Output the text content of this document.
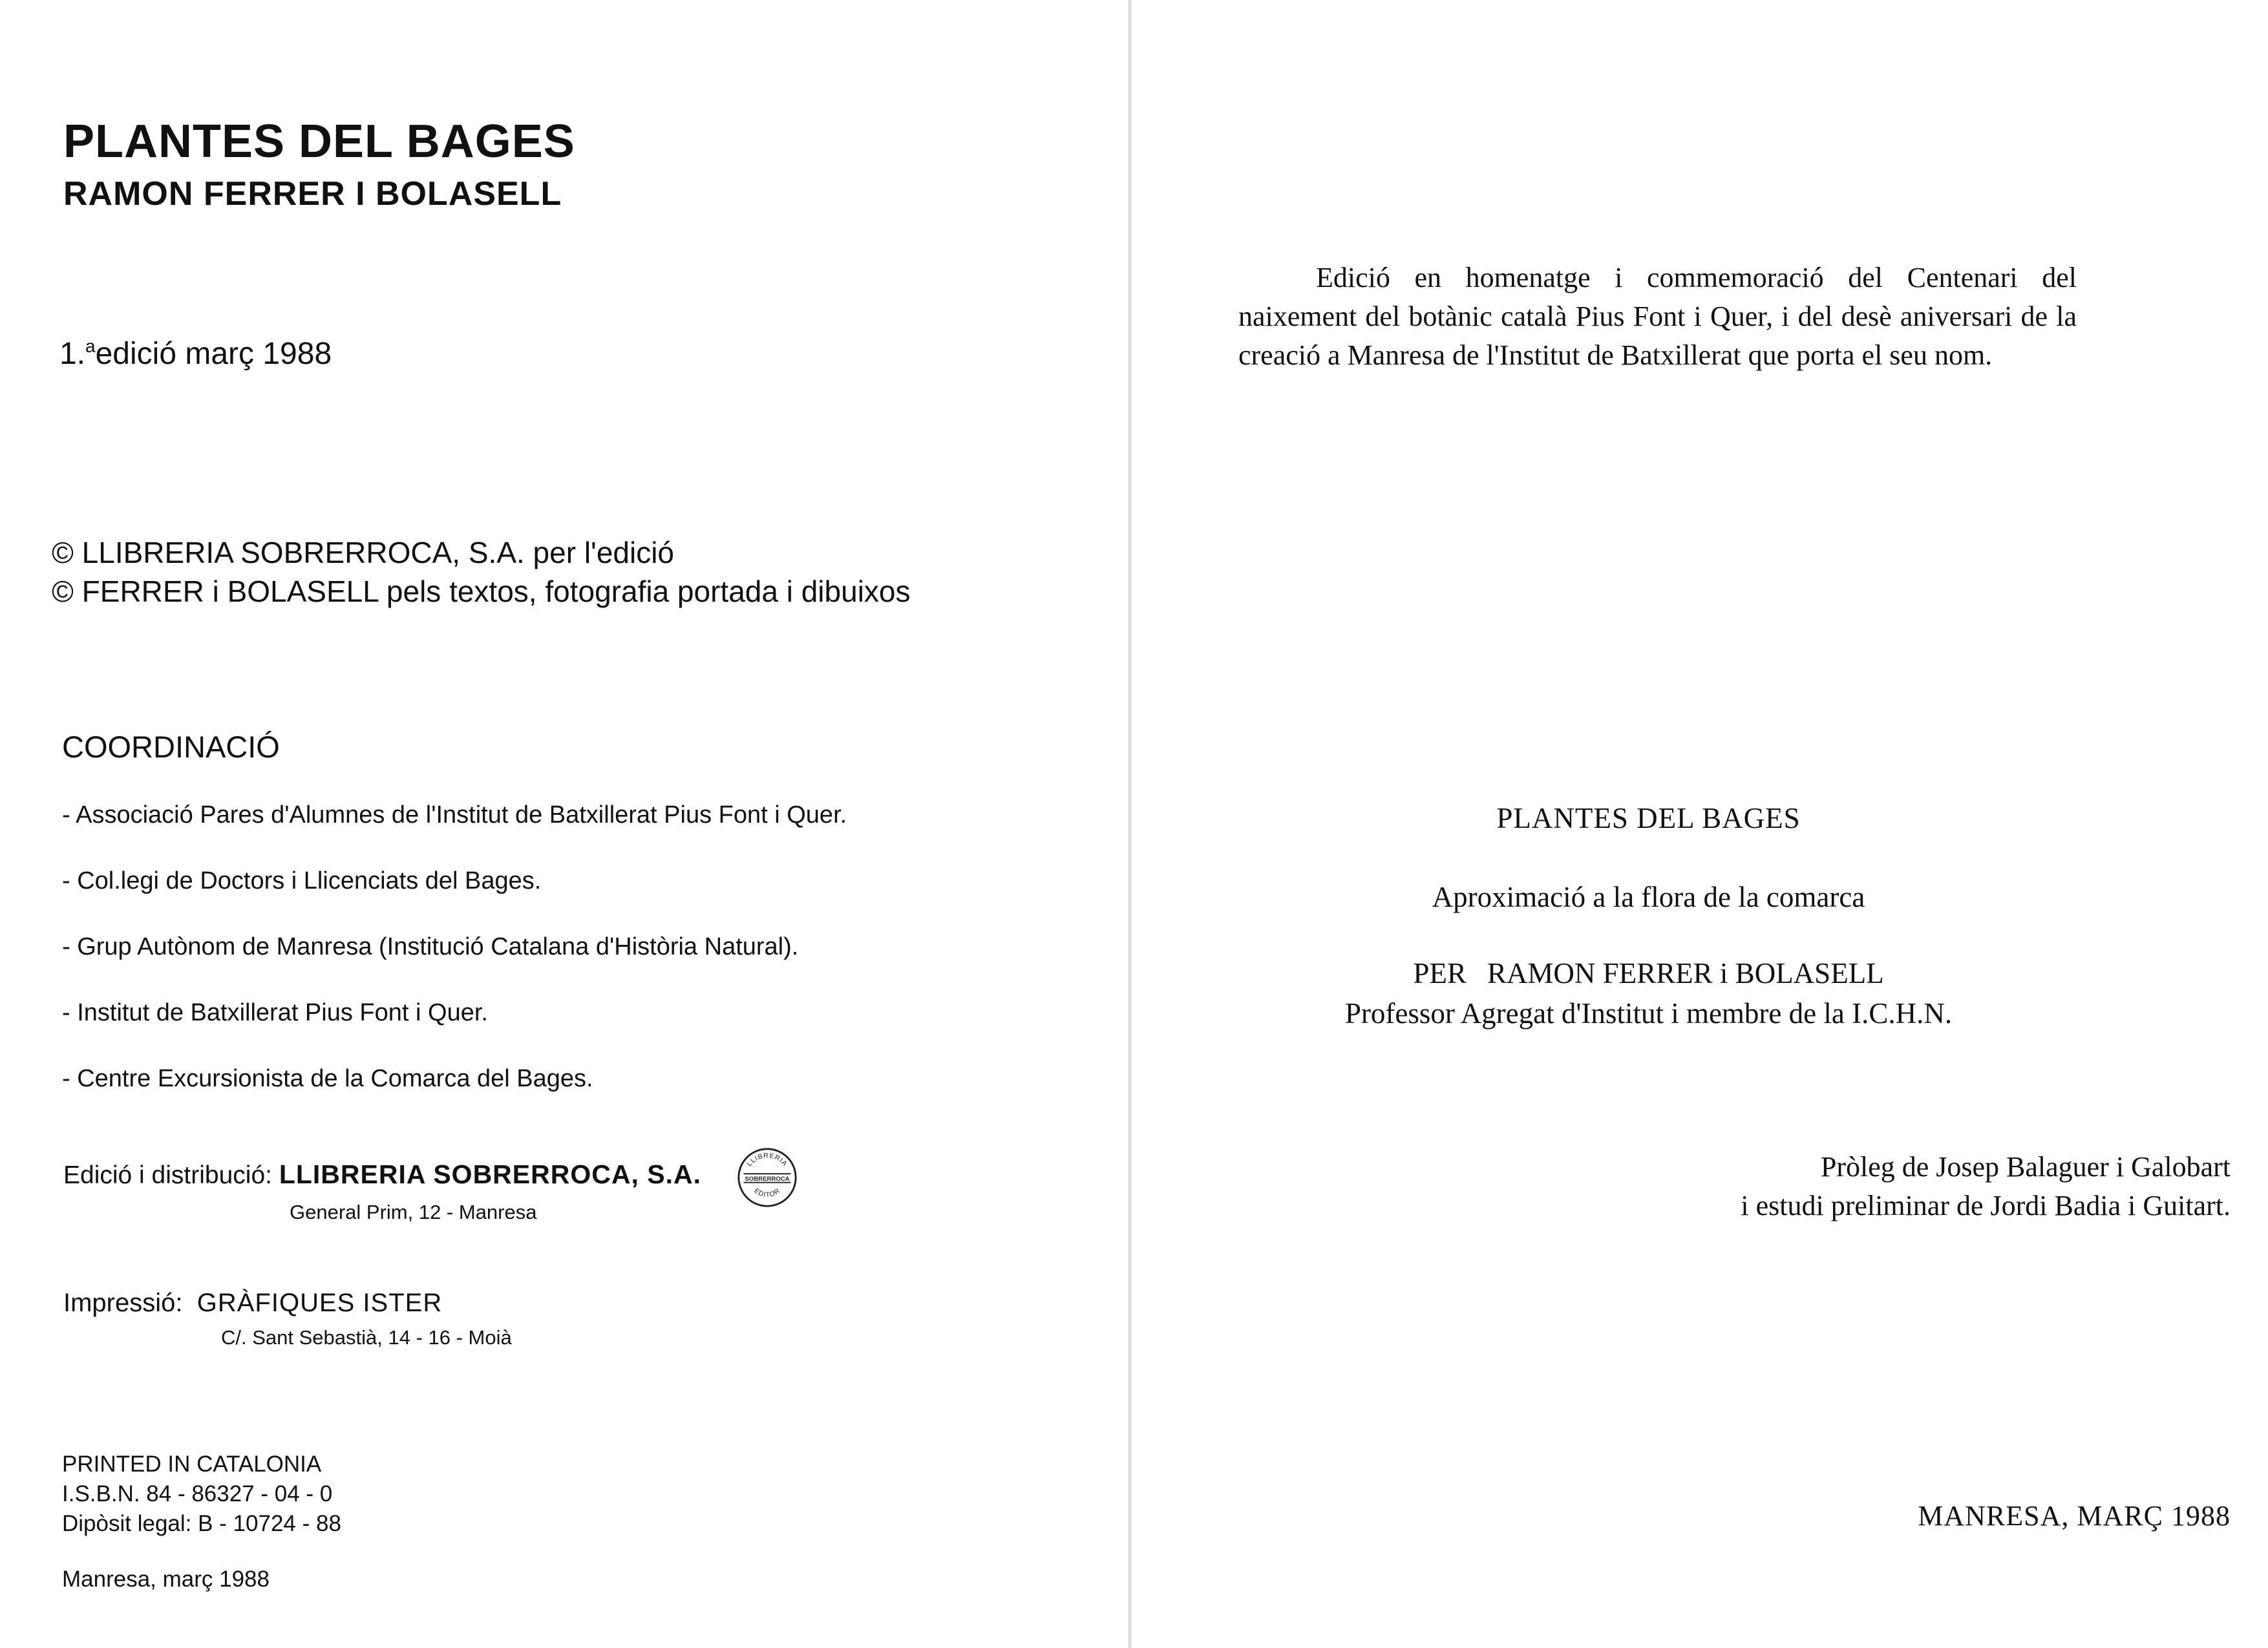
PLANTES DEL BAGES

RAMON FERRER I BOLASELL

1.$^a$edició març 1988

© LLIBRERIA SOBRERROCA, S.A. per l'edició

© FERRER i BOLASELL pels textos, fotografia portada i dibuixos

COORDINACIÓ

- Associació Pares d'Alumnes de l'Institut de Batxillerat Pius Font i Quer.

- Col.legi de Doctors i Llicenciats del Bages.

- Grup Autònom de Manresa (Institució Catalana d'Història Natural).

- Institut de Batxillerat Pius Font i Quer.

- Centre Excursionista de la Comarca del Bages.

Edició i distribució: LLIBRERIA SOBRERROCA, S.A.

General Prim, 12 - Manresa

LLIBRERIA
SOBRERROCA
EDITOR

Impressió: GRÀFIQUES ISTER

C/. Sant Sebastià, 14 - 16 - Moià

PRINTED IN CATALONIA

I.S.B.N. 84 - 86327 - 04 - 0

Dipòsit legal: B - 10724 - 88

Manresa, març 1988

Edició en homenatge i commemoració del Centenari del naixement del botànic català Pius Font i Quer, i del desè aniversari de la creació a Manresa de l'Institut de Batxillerat que porta el seu nom.

PLANTES DEL BAGES

Aproximació a la flora de la comarca

PER RAMON FERRER i BOLASELL

Professor Agregat d'Institut i membre de la I.C.H.N.

Pròleg de Josep Balaguer i Galobart

i estudi preliminar de Jordi Badia i Guitart.

MANRESA, MARÇ 1988
